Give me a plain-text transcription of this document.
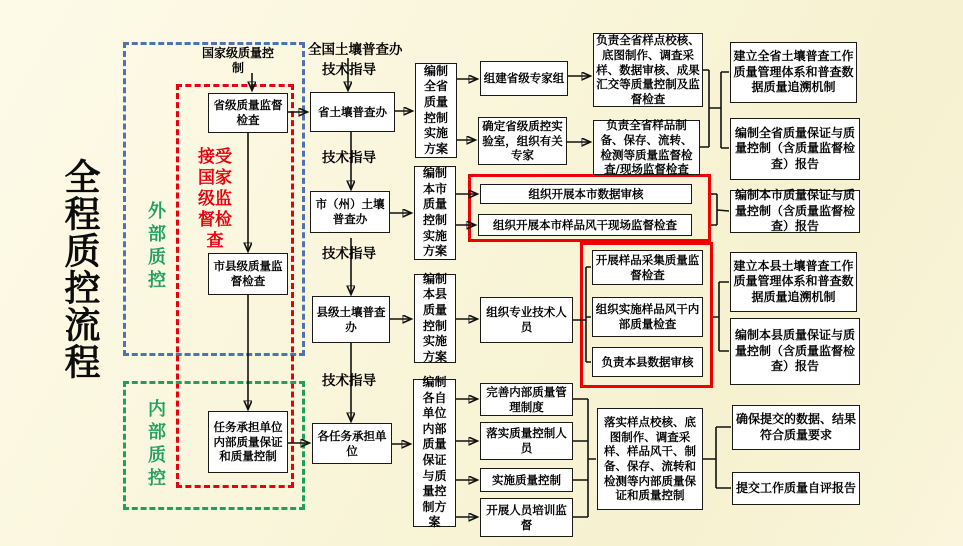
全程质控流程	外部质控
内部质控
接受国家级监督检查
国家级质量控制
全国土壤普查办
技术指导
技术指导
技术指导
技术指导
省级质量监督检查
市县级质量监督检查
任务承担单位内部质量保证和质量控制
省土壤普查办
市（州）土壤普查办
县级土壤普查办
各任务承担单位
编制全省质量控制实施方案
编制本市质量控制实施方案
编制本县质量控制实施方案
编制各自单位内部质量保证与质量控制方案
组建省级专家组
确定省级质控实验室，组织有关专家
组织开展本市数据审核
组织开展本市样品风干现场监督检查
组织专业技术人员
开展样品采集质量监督检查
组织实施样品风干内部质量检查
负责本县数据审核
完善内部质量管理制度
落实质量控制人员
实施质量控制
开展人员培训监督
落实样点校核、底图制作、调查采样、样品风干、制备、保存、流转和检测等内部质量保证和质量控制
负责全省样点校核、底图制作、调查采样、数据审核、成果汇交等质量控制及监督检查
负责全省样品制备、保存、流转、检测等质量监督检查/现场监督检查
建立全省土壤普查工作质量管理体系和普查数据质量追溯机制
编制全省质量保证与质量控制（含质量监督检查）报告
编制本市质量保证与质量控制（含质量监督检查）报告
建立本县土壤普查工作质量管理体系和普查数据质量追溯机制
编制本县质量保证与质量控制（含质量监督检查）报告
确保提交的数据、结果符合质量要求
提交工作质量自评报告
